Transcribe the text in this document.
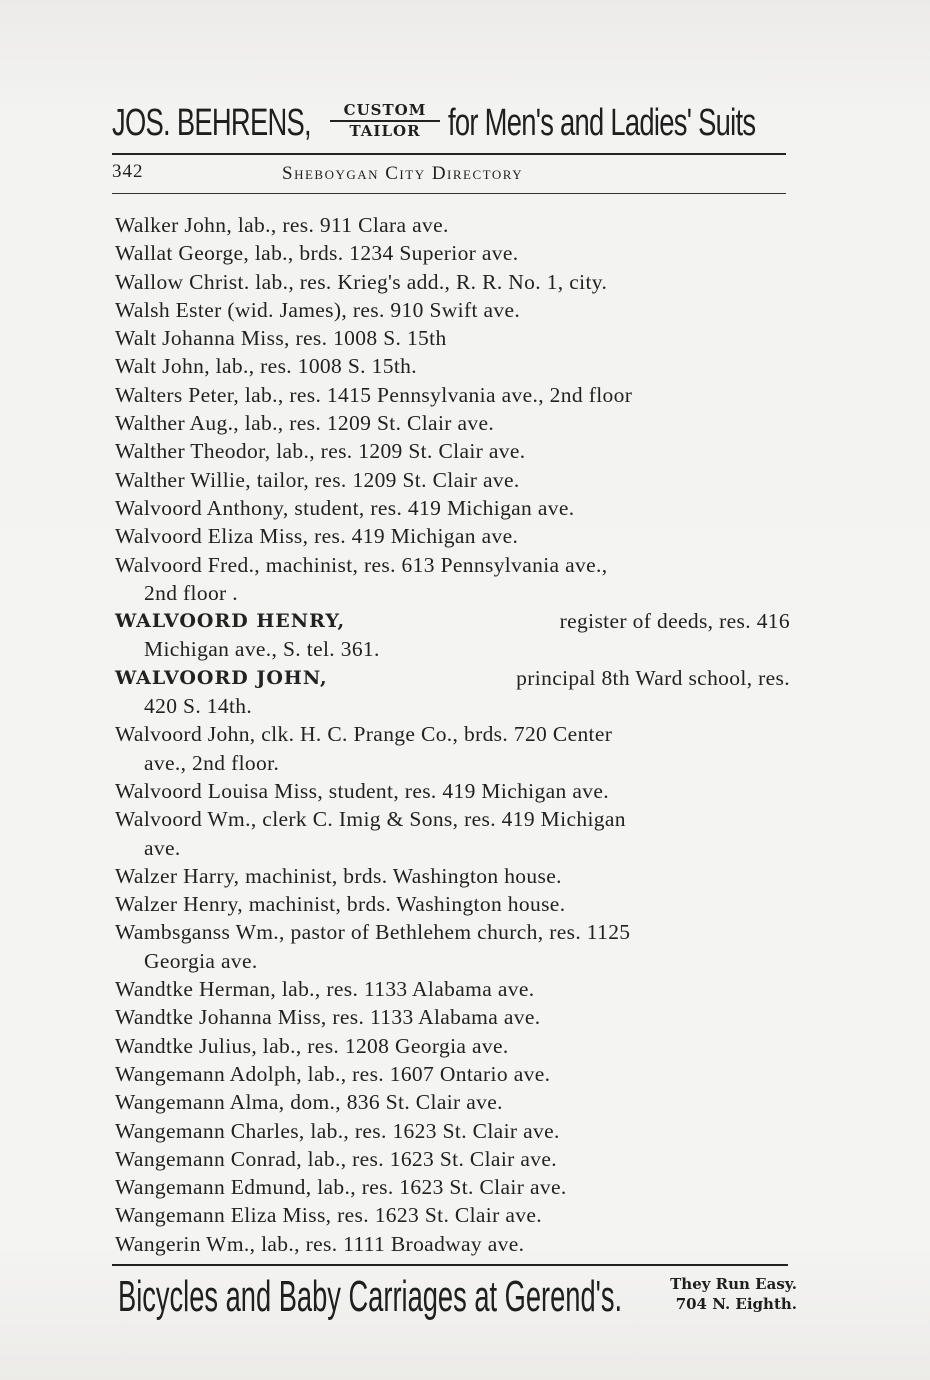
JOS. BEHRENS,	CUSTOM
TAILOR for Men's and Ladies' Suits
342	Sheboygan City Directory
Walker John, lab., res. 911 Clara ave.
Wallat George, lab., brds. 1234 Superior ave.
Wallow Christ. lab., res. Krieg's add., R. R. No. 1, city.
Walsh Ester (wid. James), res. 910 Swift ave.
Walt Johanna Miss, res. 1008 S. 15th
Walt John, lab., res. 1008 S. 15th.
Walters Peter, lab., res. 1415 Pennsylvania ave., 2nd floor
Walther Aug., lab., res. 1209 St. Clair ave.
Walther Theodor, lab., res. 1209 St. Clair ave.
Walther Willie, tailor, res. 1209 St. Clair ave.
Walvoord Anthony, student, res. 419 Michigan ave.
Walvoord Eliza Miss, res. 419 Michigan ave.
Walvoord Fred., machinist, res. 613 Pennsylvania ave.,
2nd floor .
WALVOORD HENRY,	register of deeds, res. 416
Michigan ave., S. tel. 361.
WALVOORD JOHN,	principal 8th Ward school, res.
420 S. 14th.
Walvoord John, clk. H. C. Prange Co., brds. 720 Center
ave., 2nd floor.
Walvoord Louisa Miss, student, res. 419 Michigan ave.
Walvoord Wm., clerk C. Imig & Sons, res. 419 Michigan
ave.
Walzer Harry, machinist, brds. Washington house.
Walzer Henry, machinist, brds. Washington house.
Wambsganss Wm., pastor of Bethlehem church, res. 1125
Georgia ave.
Wandtke Herman, lab., res. 1133 Alabama ave.
Wandtke Johanna Miss, res. 1133 Alabama ave.
Wandtke Julius, lab., res. 1208 Georgia ave.
Wangemann Adolph, lab., res. 1607 Ontario ave.
Wangemann Alma, dom., 836 St. Clair ave.
Wangemann Charles, lab., res. 1623 St. Clair ave.
Wangemann Conrad, lab., res. 1623 St. Clair ave.
Wangemann Edmund, lab., res. 1623 St. Clair ave.
Wangemann Eliza Miss, res. 1623 St. Clair ave.
Wangerin Wm., lab., res. 1111 Broadway ave.
Bicycles and Baby Carriages at Gerend's.	They Run Easy.
704 N. Eighth.
